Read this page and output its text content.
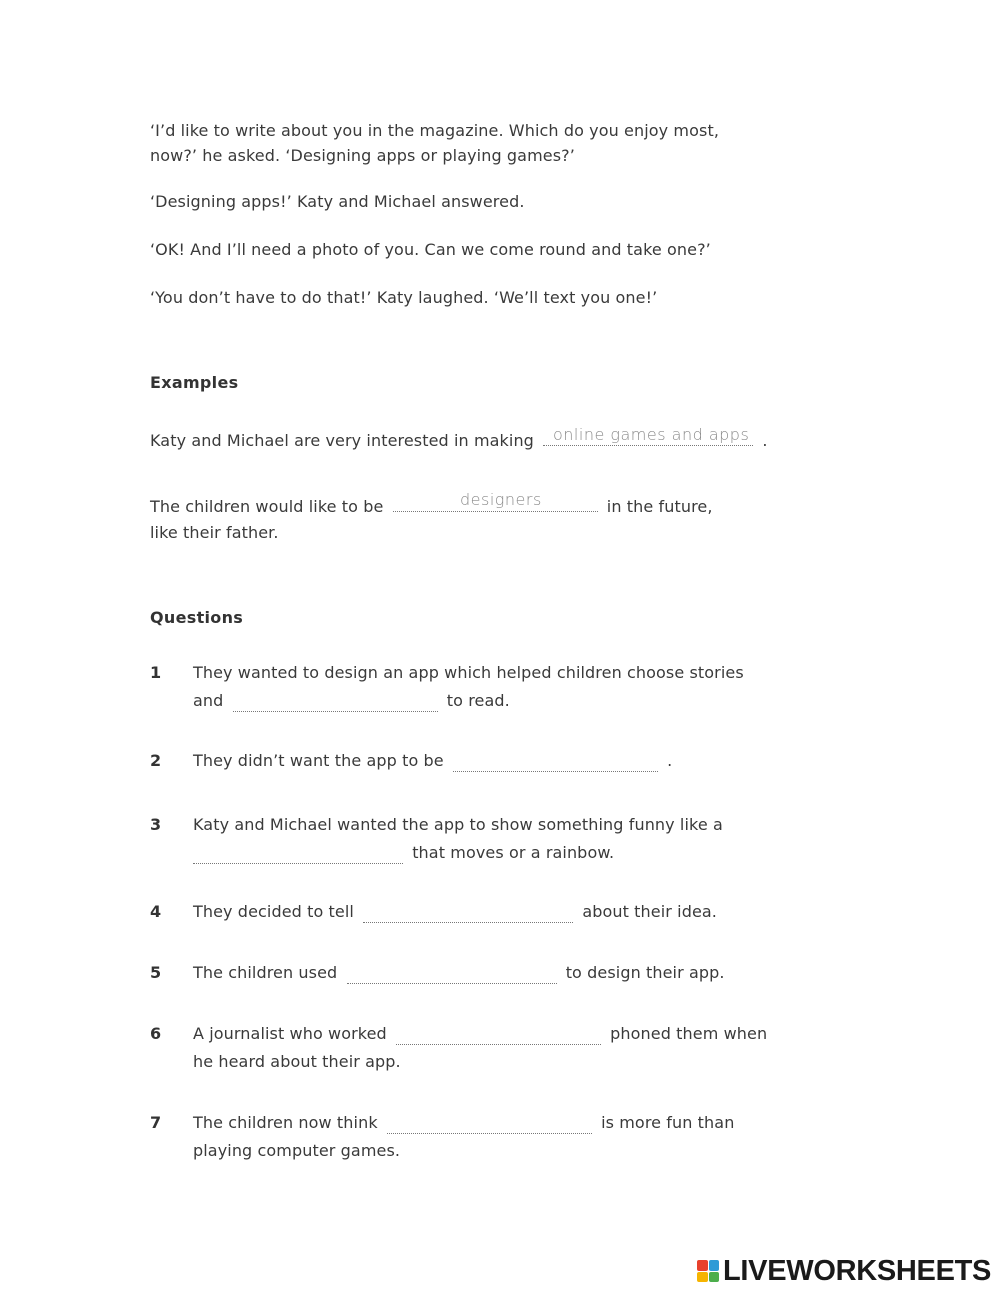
‘I’d like to write about you in the magazine. Which do you enjoy most,
now?’ he asked. ‘Designing apps or playing games?’
‘Designing apps!’ Katy and Michael answered.
‘OK! And I’ll need a photo of you. Can we come round and take one?’
‘You don’t have to do that!’ Katy laughed. ‘We’ll text you one!’
Examples
Katy and Michael are very interested in making	.
online games and apps
The children would like to be	in the future,
designers
like their father.
Questions
1 They wanted to design an app which helped children choose stories
and	to read.
2 They didn’t want the app to be	.
3 Katy and Michael wanted the app to show something funny like a
that moves or a rainbow.
4 They decided to tell	about their idea.
5 The children used	to design their app.
6 A journalist who worked	phoned them when
he heard about their app.
7 The children now think	is more fun than
playing computer games.
LIVEWORKSHEETS
